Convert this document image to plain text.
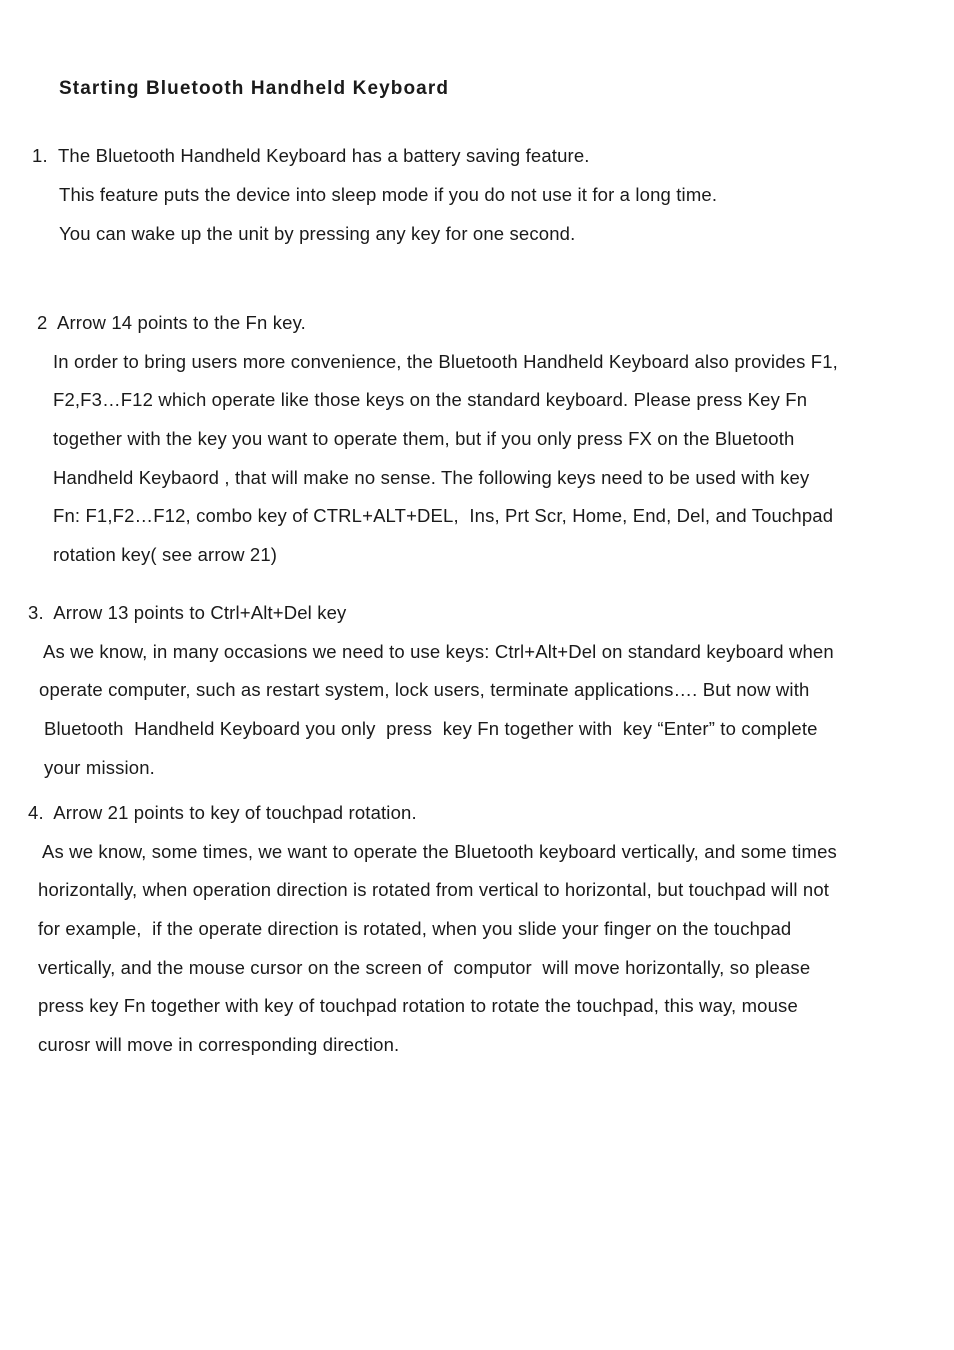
Starting Bluetooth Handheld Keyboard
1.  The Bluetooth Handheld Keyboard has a battery saving feature.
This feature puts the device into sleep mode if you do not use it for a long time.
You can wake up the unit by pressing any key for one second.
2  Arrow 14 points to the Fn key.
In order to bring users more convenience, the Bluetooth Handheld Keyboard also provides F1,
F2,F3…F12 which operate like those keys on the standard keyboard. Please press Key Fn
together with the key you want to operate them, but if you only press FX on the Bluetooth
Handheld Keybaord , that will make no sense. The following keys need to be used with key
Fn: F1,F2…F12, combo key of CTRL+ALT+DEL,  Ins, Prt Scr, Home, End, Del, and Touchpad
rotation key( see arrow 21)
3.  Arrow 13 points to Ctrl+Alt+Del key
As we know, in many occasions we need to use keys: Ctrl+Alt+Del on standard keyboard when
operate computer, such as restart system, lock users, terminate applications…. But now with
Bluetooth  Handheld Keyboard you only  press  key Fn together with  key “Enter” to complete
your mission.
4.  Arrow 21 points to key of touchpad rotation.
As we know, some times, we want to operate the Bluetooth keyboard vertically, and some times
horizontally, when operation direction is rotated from vertical to horizontal, but touchpad will not
for example,  if the operate direction is rotated, when you slide your finger on the touchpad
vertically, and the mouse cursor on the screen of  computor  will move horizontally, so please
press key Fn together with key of touchpad rotation to rotate the touchpad, this way, mouse
curosr will move in corresponding direction.
